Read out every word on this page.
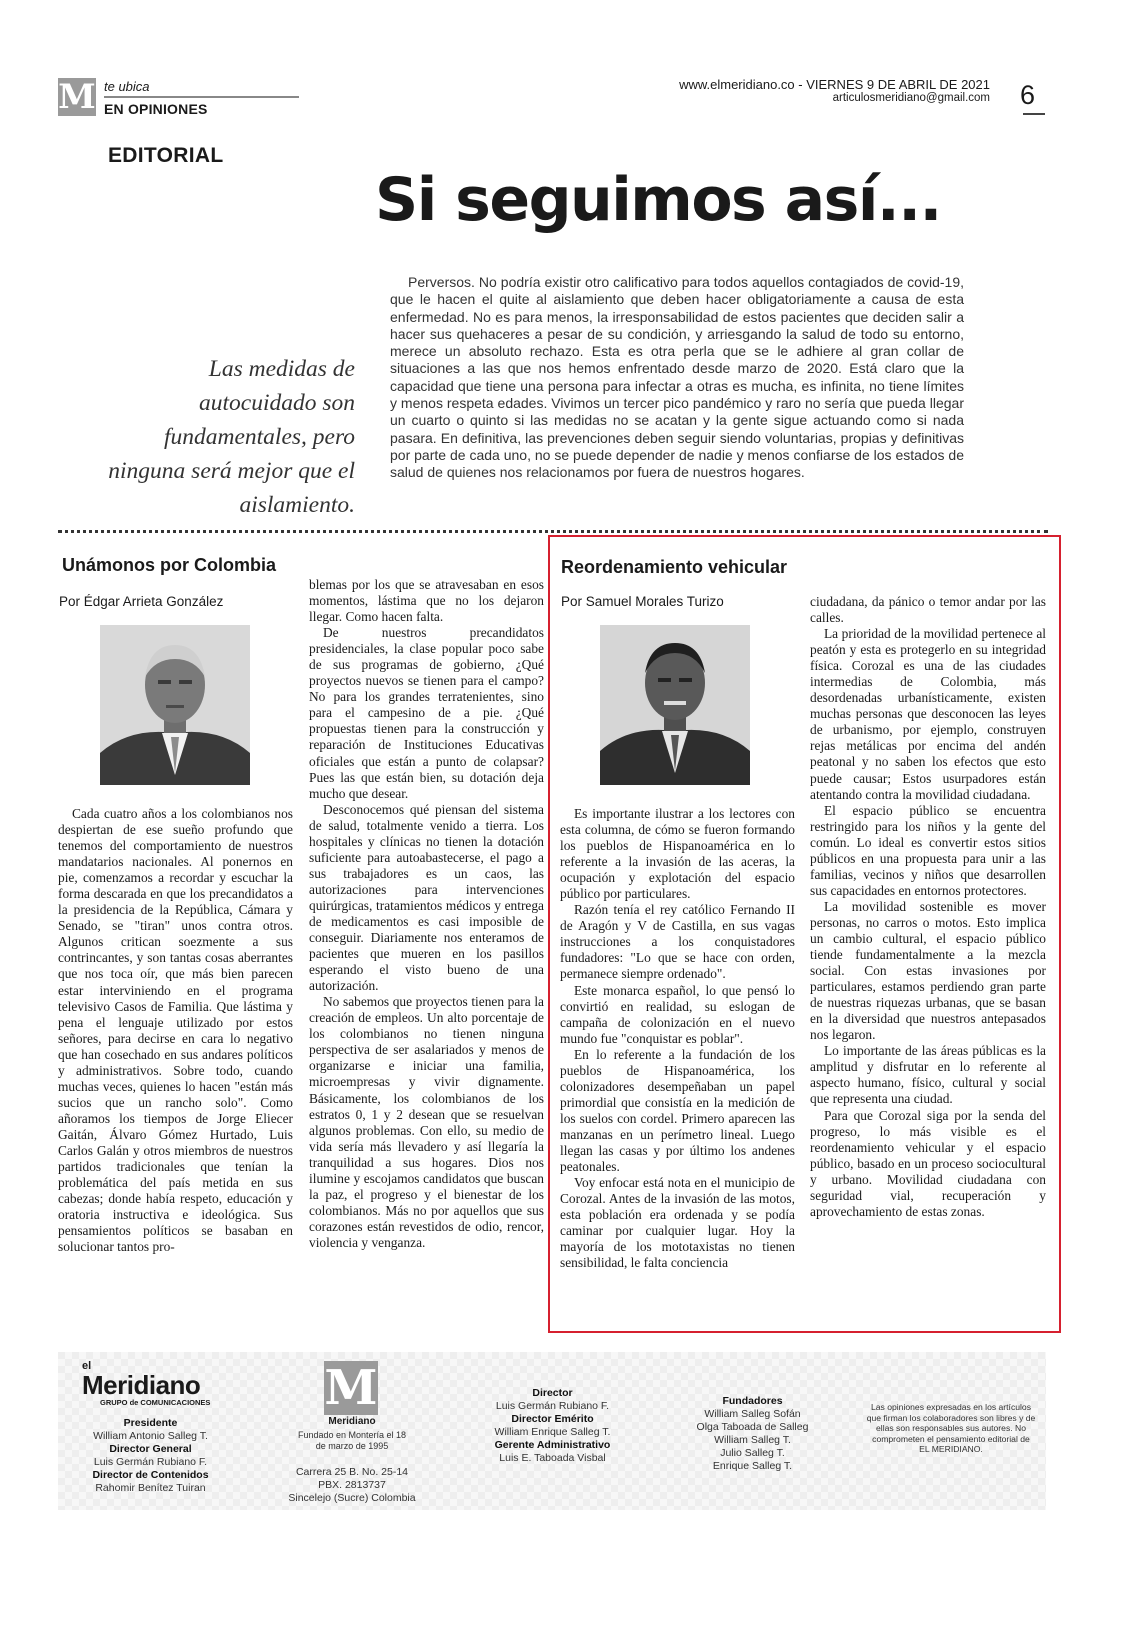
M te ubica
EN OPINIONES
www.elmeridiano.co - VIERNES 9 DE ABRIL DE 2021
articulosmeridiano@gmail.com 6
EDITORIAL
Si seguimos así...
Las medidas de autocuidado son fundamentales, pero ninguna será mejor que el aislamiento.

Perversos. No podría existir otro calificativo para todos aquellos contagiados de covid-19, que le hacen el quite al aislamiento que deben hacer obligatoriamente a causa de esta enfermedad. No es para menos, la irresponsabilidad de estos pacientes que deciden salir a hacer sus quehaceres a pesar de su condición, y arriesgando la salud de todo su entorno, merece un absoluto rechazo. Esta es otra perla que se le adhiere al gran collar de situaciones a las que nos hemos enfrentado desde marzo de 2020. Está claro que la capacidad que tiene una persona para infectar a otras es mucha, es infinita, no tiene límites y menos respeta edades. Vivimos un tercer pico pandémico y raro no sería que pueda llegar un cuarto o quinto si las medidas no se acatan y la gente sigue actuando como si nada pasara. En definitiva, las prevenciones deben seguir siendo voluntarias, propias y definitivas por parte de cada uno, no se puede depender de nadie y menos confiarse de los estados de salud de quienes nos relacionamos por fuera de nuestros hogares.

Unámonos por Colombia
Por Édgar Arrieta González

Cada cuatro años a los colombianos nos despiertan de ese sueño profundo que tenemos del comportamiento de nuestros mandatarios nacionales. Al ponernos en pie, comenzamos a recordar y escuchar la forma descarada en que los precandidatos a la presidencia de la República, Cámara y Senado, se "tiran" unos contra otros. Algunos critican soezmente a sus contrincantes, y son tantas cosas aberrantes que nos toca oír, que más bien parecen estar interviniendo en el programa televisivo Casos de Familia. Que lástima y pena el lenguaje utilizado por estos señores, para decirse en cara lo negativo que han cosechado en sus andares políticos y administrativos. Sobre todo, cuando muchas veces, quienes lo hacen "están más sucios que un rancho solo". Como añoramos los tiempos de Jorge Eliecer Gaitán, Álvaro Gómez Hurtado, Luis Carlos Galán y otros miembros de nuestros partidos tradicionales que tenían la problemática del país metida en sus cabezas; donde había respeto, educación y oratoria instructiva e ideológica. Sus pensamientos políticos se basaban en solucionar tantos pro-

blemas por los que se atravesaban en esos momentos, lástima que no los dejaron llegar. Como hacen falta.

De nuestros precandidatos presidenciales, la clase popular poco sabe de sus programas de gobierno, ¿Qué proyectos nuevos se tienen para el campo? No para los grandes terratenientes, sino para el campesino de a pie. ¿Qué propuestas tienen para la construcción y reparación de Instituciones Educativas oficiales que están a punto de colapsar? Pues las que están bien, su dotación deja mucho que desear.

Desconocemos qué piensan del sistema de salud, totalmente venido a tierra. Los hospitales y clínicas no tienen la dotación suficiente para autoabastecerse, el pago a sus trabajadores es un caos, las autorizaciones para intervenciones quirúrgicas, tratamientos médicos y entrega de medicamentos es casi imposible de conseguir. Diariamente nos enteramos de pacientes que mueren en los pasillos esperando el visto bueno de una autorización.

No sabemos que proyectos tienen para la creación de empleos. Un alto porcentaje de los colombianos no tienen ninguna perspectiva de ser asalariados y menos de organizarse e iniciar una familia, microempresas y vivir dignamente. Básicamente, los colombianos de los estratos 0, 1 y 2 desean que se resuelvan algunos problemas. Con ello, su medio de vida sería más llevadero y así llegaría la tranquilidad a sus hogares. Dios nos ilumine y escojamos candidatos que buscan la paz, el progreso y el bienestar de los colombianos. Más no por aquellos que sus corazones están revestidos de odio, rencor, violencia y venganza.

Reordenamiento vehicular
Por Samuel Morales Turizo

Es importante ilustrar a los lectores con esta columna, de cómo se fueron formando los pueblos de Hispanoamérica en lo referente a la invasión de las aceras, la ocupación y explotación del espacio público por particulares.

Razón tenía el rey católico Fernando II de Aragón y V de Castilla, en sus vagas instrucciones a los conquistadores fundadores: "Lo que se hace con orden, permanece siempre ordenado".

Este monarca español, lo que pensó lo convirtió en realidad, su eslogan de campaña de colonización en el nuevo mundo fue "conquistar es poblar".

En lo referente a la fundación de los pueblos de Hispanoamérica, los colonizadores desempeñaban un papel primordial que consistía en la medición de los suelos con cordel. Primero aparecen las manzanas en un perímetro lineal. Luego llegan las casas y por último los andenes peatonales.

Voy enfocar está nota en el municipio de Corozal. Antes de la invasión de las motos, esta población era ordenada y se podía caminar por cualquier lugar. Hoy la mayoría de los mototaxistas no tienen sensibilidad, le falta conciencia

ciudadana, da pánico o temor andar por las calles.

La prioridad de la movilidad pertenece al peatón y esta es protegerlo en su integridad física. Corozal es una de las ciudades intermedias de Colombia, más desordenadas urbanísticamente, existen muchas personas que desconocen las leyes de urbanismo, por ejemplo, construyen rejas metálicas por encima del andén peatonal y no saben los efectos que esto puede causar; Estos usurpadores están atentando contra la movilidad ciudadana.

El espacio público se encuentra restringido para los niños y la gente del común. Lo ideal es convertir estos sitios públicos en una propuesta para unir a las familias, vecinos y niños que desarrollen sus capacidades en entornos protectores.

La movilidad sostenible es mover personas, no carros o motos. Esto implica un cambio cultural, el espacio público tiende fundamentalmente a la mezcla social. Con estas invasiones por particulares, estamos perdiendo gran parte de nuestras riquezas urbanas, que se basan en la diversidad que nuestros antepasados nos legaron.

Lo importante de las áreas públicas es la amplitud y disfrutar en lo referente al aspecto humano, físico, cultural y social que representa una ciudad.

Para que Corozal siga por la senda del progreso, lo más visible es el reordenamiento vehicular y el espacio público, basado en un proceso sociocultural y urbano. Movilidad ciudadana con seguridad vial, recuperación y aprovechamiento de estas zonas.

el
Meridiano
GRUPO de COMUNICACIONES
Presidente
William Antonio Salleg T.
Director General
Luis Germán Rubiano F.
Director de Contenidos
Rahomir Benítez Tuiran
M
Meridiano
Fundado en Montería el 18 de marzo de 1995
Carrera 25 B. No. 25-14
PBX. 2813737
Sincelejo (Sucre) Colombia
Director
Luis Germán Rubiano F.
Director Emérito
William Enrique Salleg T.
Gerente Administrativo
Luis E. Taboada Visbal
Fundadores
William Salleg Sofán
Olga Taboada de Salleg
William Salleg T.
Julio Salleg T.
Enrique Salleg T.
Las opiniones expresadas en los artículos que firman los colaboradores son libres y de ellas son responsables sus autores. No comprometen el pensamiento editorial de EL MERIDIANO.
